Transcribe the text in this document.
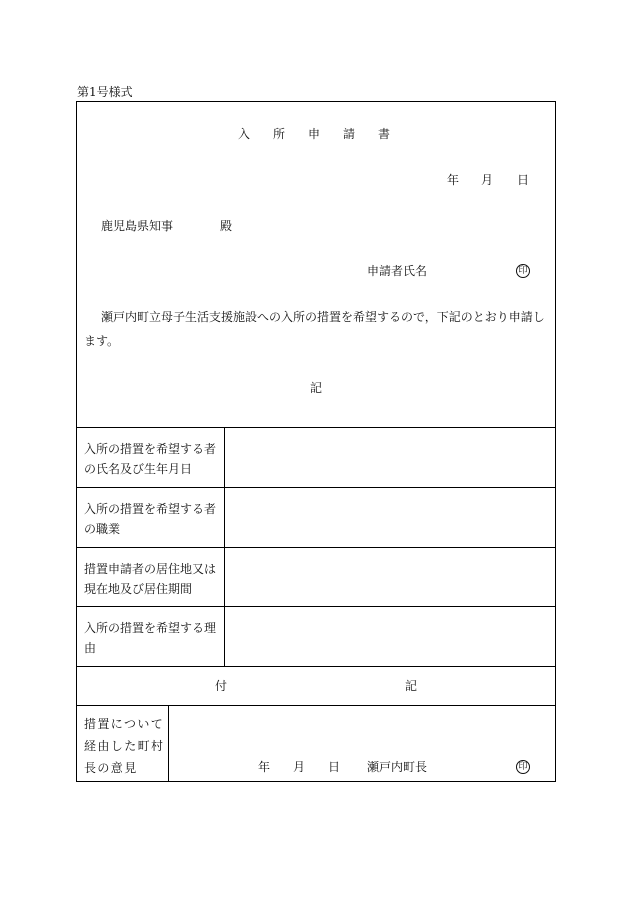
第1号様式
入所申請書
年 月 日
鹿児島県知事	殿
申請者氏名	印
瀬戸内町立母子生活支援施設への入所の措置を希望するので，下記のとおり申請し
ます。
記
入所の措置を希望する者
の氏名及び生年月日
入所の措置を希望する者
の職業
措置申請者の居住地又は
現在地及び居住期間
入所の措置を希望する理
由
付記
措置について
経由した町村
長の意見	年 月 日 瀬戸内町長	印
